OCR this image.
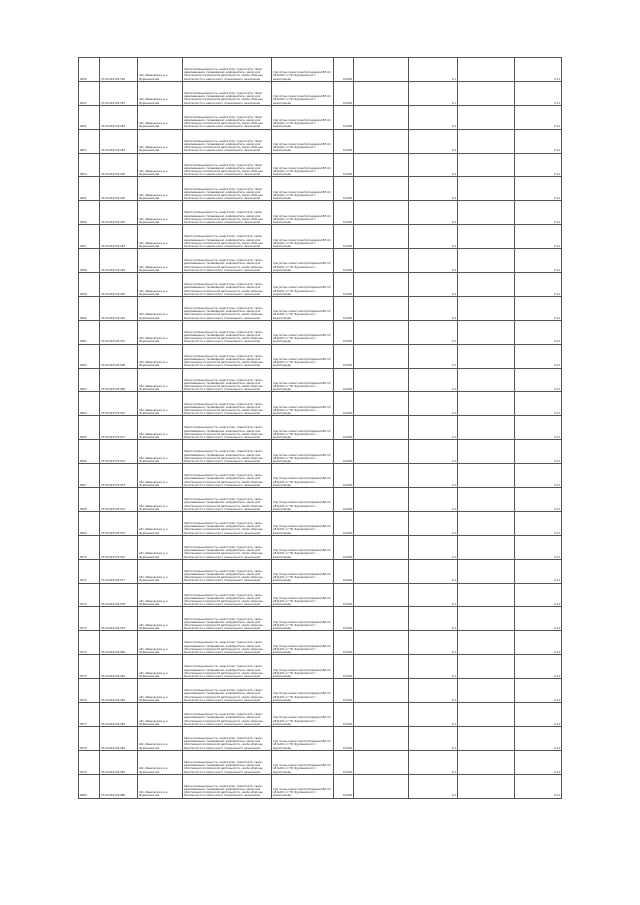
0050	37:02:010724:594	обл. Ивановская, р-н Фурмановский	Земли промышленности, энергетики, транспорта, связи, радиовещания, телевидения, информатики, земли для обеспечения космической деятельности, земли обороны, безопасности и земли иного специального назначения	под опоры линии электропередачи ВЛ-10 кВ №101 от ПС Фурмановского водопровода	0,0004		0,1		0,11
0051	37:02:010724:587	обл. Ивановская, р-н Фурмановский	Земли промышленности, энергетики, транспорта, связи, радиовещания, телевидения, информатики, земли для обеспечения космической деятельности, земли обороны, безопасности и земли иного специального назначения	под опоры линии электропередачи ВЛ-10 кВ №101 от ПС Фурмановского водопровода	0,0004		0,1		0,11
0052	37:02:010724:584	обл. Ивановская, р-н Фурмановский	Земли промышленности, энергетики, транспорта, связи, радиовещания, телевидения, информатики, земли для обеспечения космической деятельности, земли обороны, безопасности и земли иного специального назначения	под опоры линии электропередачи ВЛ-10 кВ №101 от ПС Фурмановского водопровода	0,0004		0,1		0,11
0053	37:02:010724:584	обл. Ивановская, р-н Фурмановский	Земли промышленности, энергетики, транспорта, связи, радиовещания, телевидения, информатики, земли для обеспечения космической деятельности, земли обороны, безопасности и земли иного специального назначения	под опоры линии электропередачи ВЛ-10 кВ №101 от ПС Фурмановского водопровода	0,0004		0,1		0,11
0054	37:02:010720:505	обл. Ивановская, р-н Фурмановский	Земли промышленности, энергетики, транспорта, связи, радиовещания, телевидения, информатики, земли для обеспечения космической деятельности, земли обороны, безопасности и земли иного специального назначения	под опоры линии электропередачи ВЛ-10 кВ №101 от ПС Фурмановского водопровода	0,0004		0,1		0,11
0055	37:02:010720:505	обл. Ивановская, р-н Фурмановский	Земли промышленности, энергетики, транспорта, связи, радиовещания, телевидения, информатики, земли для обеспечения космической деятельности, земли обороны, безопасности и земли иного специального назначения	под опоры линии электропередачи ВЛ-10 кВ №101 от ПС Фурмановского водопровода	0,0004		0,1		0,11
0056	37:02:010720:502	обл. Ивановская, р-н Фурмановский	Земли промышленности, энергетики, транспорта, связи, радиовещания, телевидения, информатики, земли для обеспечения космической деятельности, земли обороны, безопасности и земли иного специального назначения	под опоры линии электропередачи ВЛ-10 кВ №101 от ПС Фурмановского водопровода	0,0004		0,1		0,11
0057	37:02:010720:963	обл. Ивановская, р-н Фурмановский	Земли промышленности, энергетики, транспорта, связи, радиовещания, телевидения, информатики, земли для обеспечения космической деятельности, земли обороны, безопасности и земли иного специального назначения	под опоры линии электропередачи ВЛ-10 кВ №101 от ПС Фурмановского водопровода	0,0004		0,1		0,11
0058	37:02:010724:594	обл. Ивановская, р-н Фурмановский	Земли промышленности, энергетики, транспорта, связи, радиовещания, телевидения, информатики, земли для обеспечения космической деятельности, земли обороны, безопасности и земли иного специального назначения	под опоры линии электропередачи ВЛ-10 кВ №101 от ПС Фурмановского водопровода	0,0004		0,1		0,11
0059	37:02:010724:595	обл. Ивановская, р-н Фурмановский	Земли промышленности, энергетики, транспорта, связи, радиовещания, телевидения, информатики, земли для обеспечения космической деятельности, земли обороны, безопасности и земли иного специального назначения	под опоры линии электропередачи ВЛ-10 кВ №101 от ПС Фурмановского водопровода	0,0004		0,1		0,11
0060	37:02:010724:591	обл. Ивановская, р-н Фурмановский	Земли промышленности, энергетики, транспорта, связи, радиовещания, телевидения, информатики, земли для обеспечения космической деятельности, земли обороны, безопасности и земли иного специального назначения	под опоры линии электропередачи ВЛ-10 кВ №101 от ПС Фурмановского водопровода	0,0004		0,1		0,11
0061	37:02:010720:507	обл. Ивановская, р-н Фурмановский	Земли промышленности, энергетики, транспорта, связи, радиовещания, телевидения, информатики, земли для обеспечения космической деятельности, земли обороны, безопасности и земли иного специального назначения	под опоры линии электропередачи ВЛ-10 кВ №101 от ПС Фурмановского водопровода	0,0004		0,1		0,11
0062	37:02:010720:508	обл. Ивановская, р-н Фурмановский	Земли промышленности, энергетики, транспорта, связи, радиовещания, телевидения, информатики, земли для обеспечения космической деятельности, земли обороны, безопасности и земли иного специального назначения	под опоры линии электропередачи ВЛ-10 кВ №101 от ПС Фурмановского водопровода	0,0004		0,1		0,11
0063	37:02:010720:969	обл. Ивановская, р-н Фурмановский	Земли промышленности, энергетики, транспорта, связи, радиовещания, телевидения, информатики, земли для обеспечения космической деятельности, земли обороны, безопасности и земли иного специального назначения	под опоры линии электропередачи ВЛ-10 кВ №101 от ПС Фурмановского водопровода	0,0004		0,1		0,11
0064	37:02:010724:970	обл. Ивановская, р-н Фурмановский	Земли промышленности, энергетики, транспорта, связи, радиовещания, телевидения, информатики, земли для обеспечения космической деятельности, земли обороны, безопасности и земли иного специального назначения	под опоры линии электропередачи ВЛ-10 кВ №101 от ПС Фурмановского водопровода	0,0004		0,1		0,11
0065	37:02:010724:971	обл. Ивановская, р-н Фурмановский	Земли промышленности, энергетики, транспорта, связи, радиовещания, телевидения, информатики, земли для обеспечения космической деятельности, земли обороны, безопасности и земли иного специального назначения	под опоры линии электропередачи ВЛ-10 кВ №101 от ПС Фурмановского водопровода	0,0004		0,1		0,11
0066	37:02:010724:972	обл. Ивановская, р-н Фурмановский	Земли промышленности, энергетики, транспорта, связи, радиовещания, телевидения, информатики, земли для обеспечения космической деятельности, земли обороны, безопасности и земли иного специального назначения	под опоры линии электропередачи ВЛ-10 кВ №101 от ПС Фурмановского водопровода	0,0004		0,1		0,11
0067	37:02:010724:973	обл. Ивановская, р-н Фурмановский	Земли промышленности, энергетики, транспорта, связи, радиовещания, телевидения, информатики, земли для обеспечения космической деятельности, земли обороны, безопасности и земли иного специального назначения	под опоры линии электропередачи ВЛ-10 кВ №101 от ПС Фурмановского водопровода	0,0004		0,1		0,11
0068	37:02:010720:974	обл. Ивановская, р-н Фурмановский	Земли промышленности, энергетики, транспорта, связи, радиовещания, телевидения, информатики, земли для обеспечения космической деятельности, земли обороны, безопасности и земли иного специального назначения	под опоры линии электропередачи ВЛ-10 кВ №101 от ПС Фурмановского водопровода	0,0004		0,1		0,11
0069	37:02:010720:975	обл. Ивановская, р-н Фурмановский	Земли промышленности, энергетики, транспорта, связи, радиовещания, телевидения, информатики, земли для обеспечения космической деятельности, земли обороны, безопасности и земли иного специального назначения	под опоры линии электропередачи ВЛ-10 кВ №101 от ПС Фурмановского водопровода	0,0004		0,1		0,11
0070	37:02:010724:976	обл. Ивановская, р-н Фурмановский	Земли промышленности, энергетики, транспорта, связи, радиовещания, телевидения, информатики, земли для обеспечения космической деятельности, земли обороны, безопасности и земли иного специального назначения	под опоры линии электропередачи ВЛ-10 кВ №101 от ПС Фурмановского водопровода	0,0004		0,1		0,11
0071	37:02:010724:977	обл. Ивановская, р-н Фурмановский	Земли промышленности, энергетики, транспорта, связи, радиовещания, телевидения, информатики, земли для обеспечения космической деятельности, земли обороны, безопасности и земли иного специального назначения	под опоры линии электропередачи ВЛ-10 кВ №101 от ПС Фурмановского водопровода	0,0004		0,1		0,11
0072	37:02:010724:978	обл. Ивановская, р-н Фурмановский	Земли промышленности, энергетики, транспорта, связи, радиовещания, телевидения, информатики, земли для обеспечения космической деятельности, земли обороны, безопасности и земли иного специального назначения	под опоры линии электропередачи ВЛ-10 кВ №101 от ПС Фурмановского водопровода	0,0004		0,1		0,11
0073	37:02:010724:979	обл. Ивановская, р-н Фурмановский	Земли промышленности, энергетики, транспорта, связи, радиовещания, телевидения, информатики, земли для обеспечения космической деятельности, земли обороны, безопасности и земли иного специального назначения	под опоры линии электропередачи ВЛ-10 кВ №101 от ПС Фурмановского водопровода	0,0004		0,1		0,11
0074	37:02:010720:980	обл. Ивановская, р-н Фурмановский	Земли промышленности, энергетики, транспорта, связи, радиовещания, телевидения, информатики, земли для обеспечения космической деятельности, земли обороны, безопасности и земли иного специального назначения	под опоры линии электропередачи ВЛ-10 кВ №101 от ПС Фурмановского водопровода	0,0004		0,1		0,11
0075	37:02:010720:981	обл. Ивановская, р-н Фурмановский	Земли промышленности, энергетики, транспорта, связи, радиовещания, телевидения, информатики, земли для обеспечения космической деятельности, земли обороны, безопасности и земли иного специального назначения	под опоры линии электропередачи ВЛ-10 кВ №101 от ПС Фурмановского водопровода	0,0004		0,1		0,11
0076	37:02:010720:982	обл. Ивановская, р-н Фурмановский	Земли промышленности, энергетики, транспорта, связи, радиовещания, телевидения, информатики, земли для обеспечения космической деятельности, земли обороны, безопасности и земли иного специального назначения	под опоры линии электропередачи ВЛ-10 кВ №101 от ПС Фурмановского водопровода	0,0004		0,1		0,11
0077	37:02:010720:983	обл. Ивановская, р-н Фурмановский	Земли промышленности, энергетики, транспорта, связи, радиовещания, телевидения, информатики, земли для обеспечения космической деятельности, земли обороны, безопасности и земли иного специального назначения	под опоры линии электропередачи ВЛ-10 кВ №101 от ПС Фурмановского водопровода	0,0004		0,1		0,11
0078	37:02:010724:984	обл. Ивановская, р-н Фурмановский	Земли промышленности, энергетики, транспорта, связи, радиовещания, телевидения, информатики, земли для обеспечения космической деятельности, земли обороны, безопасности и земли иного специального назначения	под опоры линии электропередачи ВЛ-10 кВ №101 от ПС Фурмановского водопровода	0,0004		0,1		0,11
0079	37:02:010724:985	обл. Ивановская, р-н Фурмановский	Земли промышленности, энергетики, транспорта, связи, радиовещания, телевидения, информатики, земли для обеспечения космической деятельности, земли обороны, безопасности и земли иного специального назначения	под опоры линии электропередачи ВЛ-10 кВ №101 от ПС Фурмановского водопровода	0,0004		0,1		0,11
0080	37:02:010724:986	обл. Ивановская, р-н Фурмановский	Земли промышленности, энергетики, транспорта, связи, радиовещания, телевидения, информатики, земли для обеспечения космической деятельности, земли обороны, безопасности и земли иного специального назначения	под опоры линии электропередачи ВЛ-10 кВ №101 от ПС Фурмановского водопровода	0,0004		0,1		0,11
